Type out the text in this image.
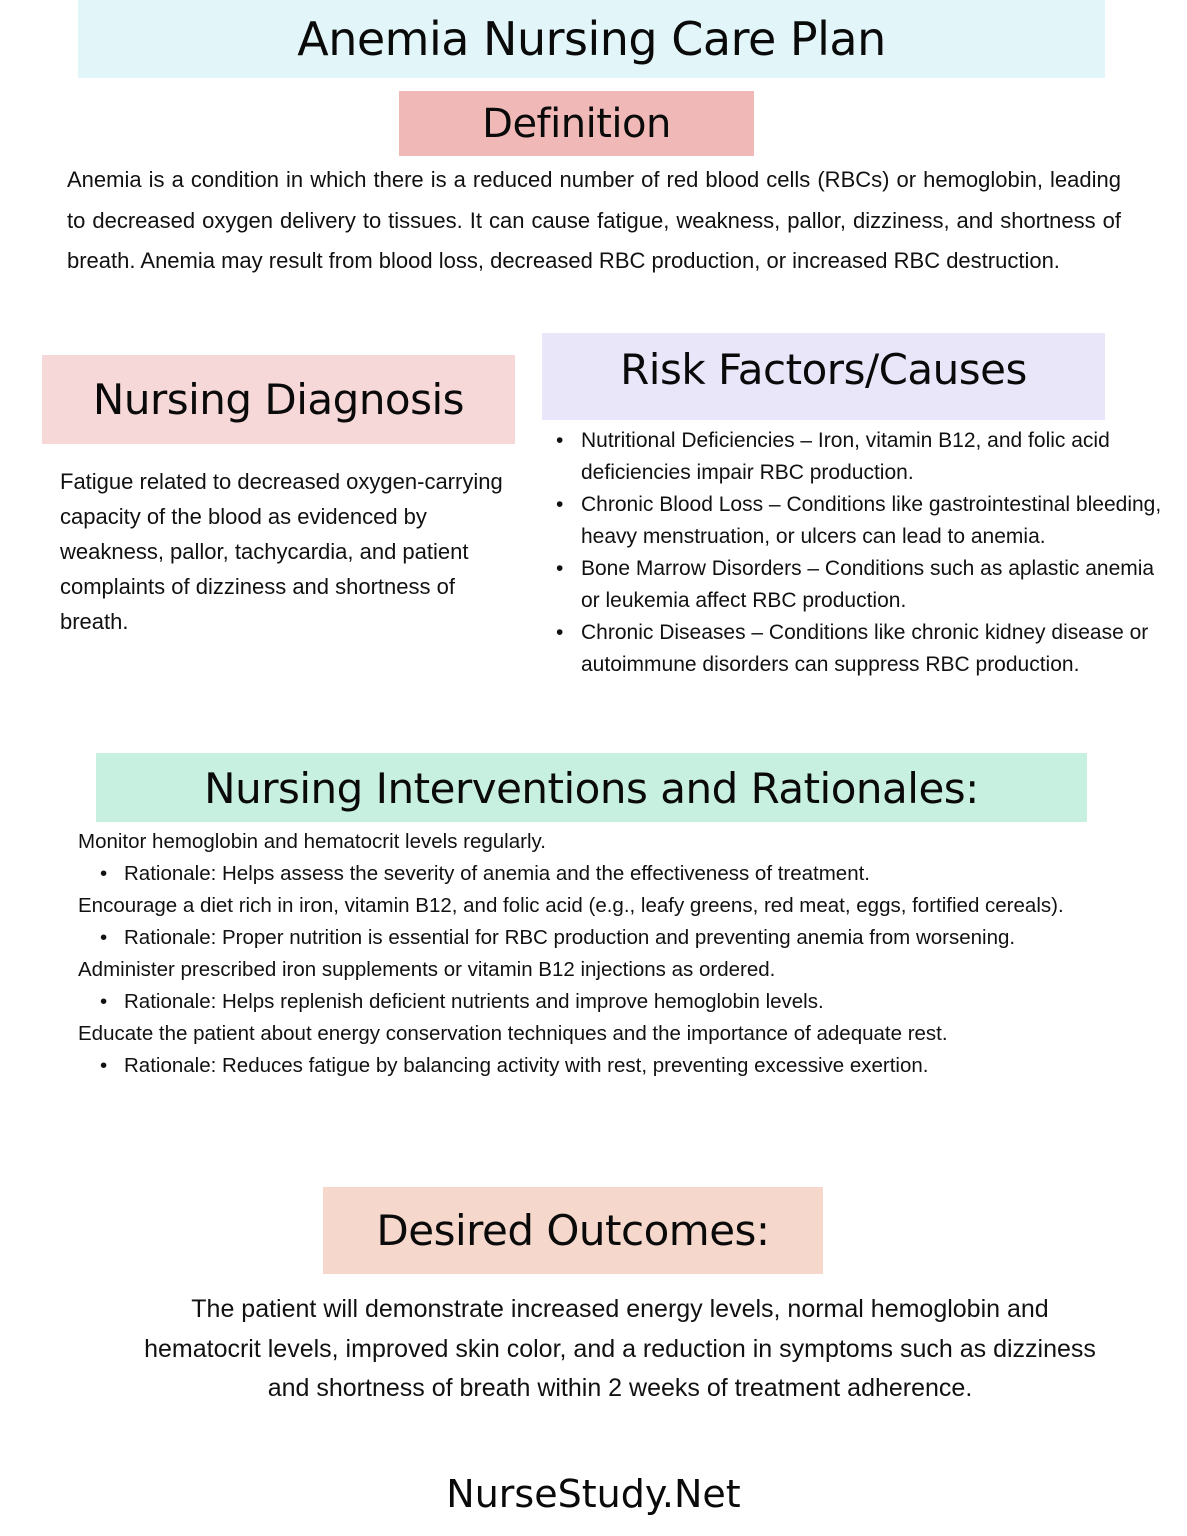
Anemia Nursing Care Plan
Definition

Anemia is a condition in which there is a reduced number of red blood cells (RBCs) or hemoglobin, leading to decreased oxygen delivery to tissues. It can cause fatigue, weakness, pallor, dizziness, and shortness of breath. Anemia may result from blood loss, decreased RBC production, or increased RBC destruction.

Risk Factors/Causes
Nursing Diagnosis

Fatigue related to decreased oxygen-carrying capacity of the blood as evidenced by weakness, pallor, tachycardia, and patient complaints of dizziness and shortness of breath.

• Nutritional Deficiencies – Iron, vitamin B12, and folic acid deficiencies impair RBC production.
• Chronic Blood Loss – Conditions like gastrointestinal bleeding, heavy menstruation, or ulcers can lead to anemia.
• Bone Marrow Disorders – Conditions such as aplastic anemia or leukemia affect RBC production.
• Chronic Diseases – Conditions like chronic kidney disease or autoimmune disorders can suppress RBC production.
Nursing Interventions and Rationales:

Monitor hemoglobin and hematocrit levels regularly.

• Rationale: Helps assess the severity of anemia and the effectiveness of treatment.

Encourage a diet rich in iron, vitamin B12, and folic acid (e.g., leafy greens, red meat, eggs, fortified cereals).

• Rationale: Proper nutrition is essential for RBC production and preventing anemia from worsening.

Administer prescribed iron supplements or vitamin B12 injections as ordered.

• Rationale: Helps replenish deficient nutrients and improve hemoglobin levels.

Educate the patient about energy conservation techniques and the importance of adequate rest.

• Rationale: Reduces fatigue by balancing activity with rest, preventing excessive exertion.

Desired Outcomes:

The patient will demonstrate increased energy levels, normal hemoglobin and hematocrit levels, improved skin color, and a reduction in symptoms such as dizziness and shortness of breath within 2 weeks of treatment adherence.

NurseStudy.Net
